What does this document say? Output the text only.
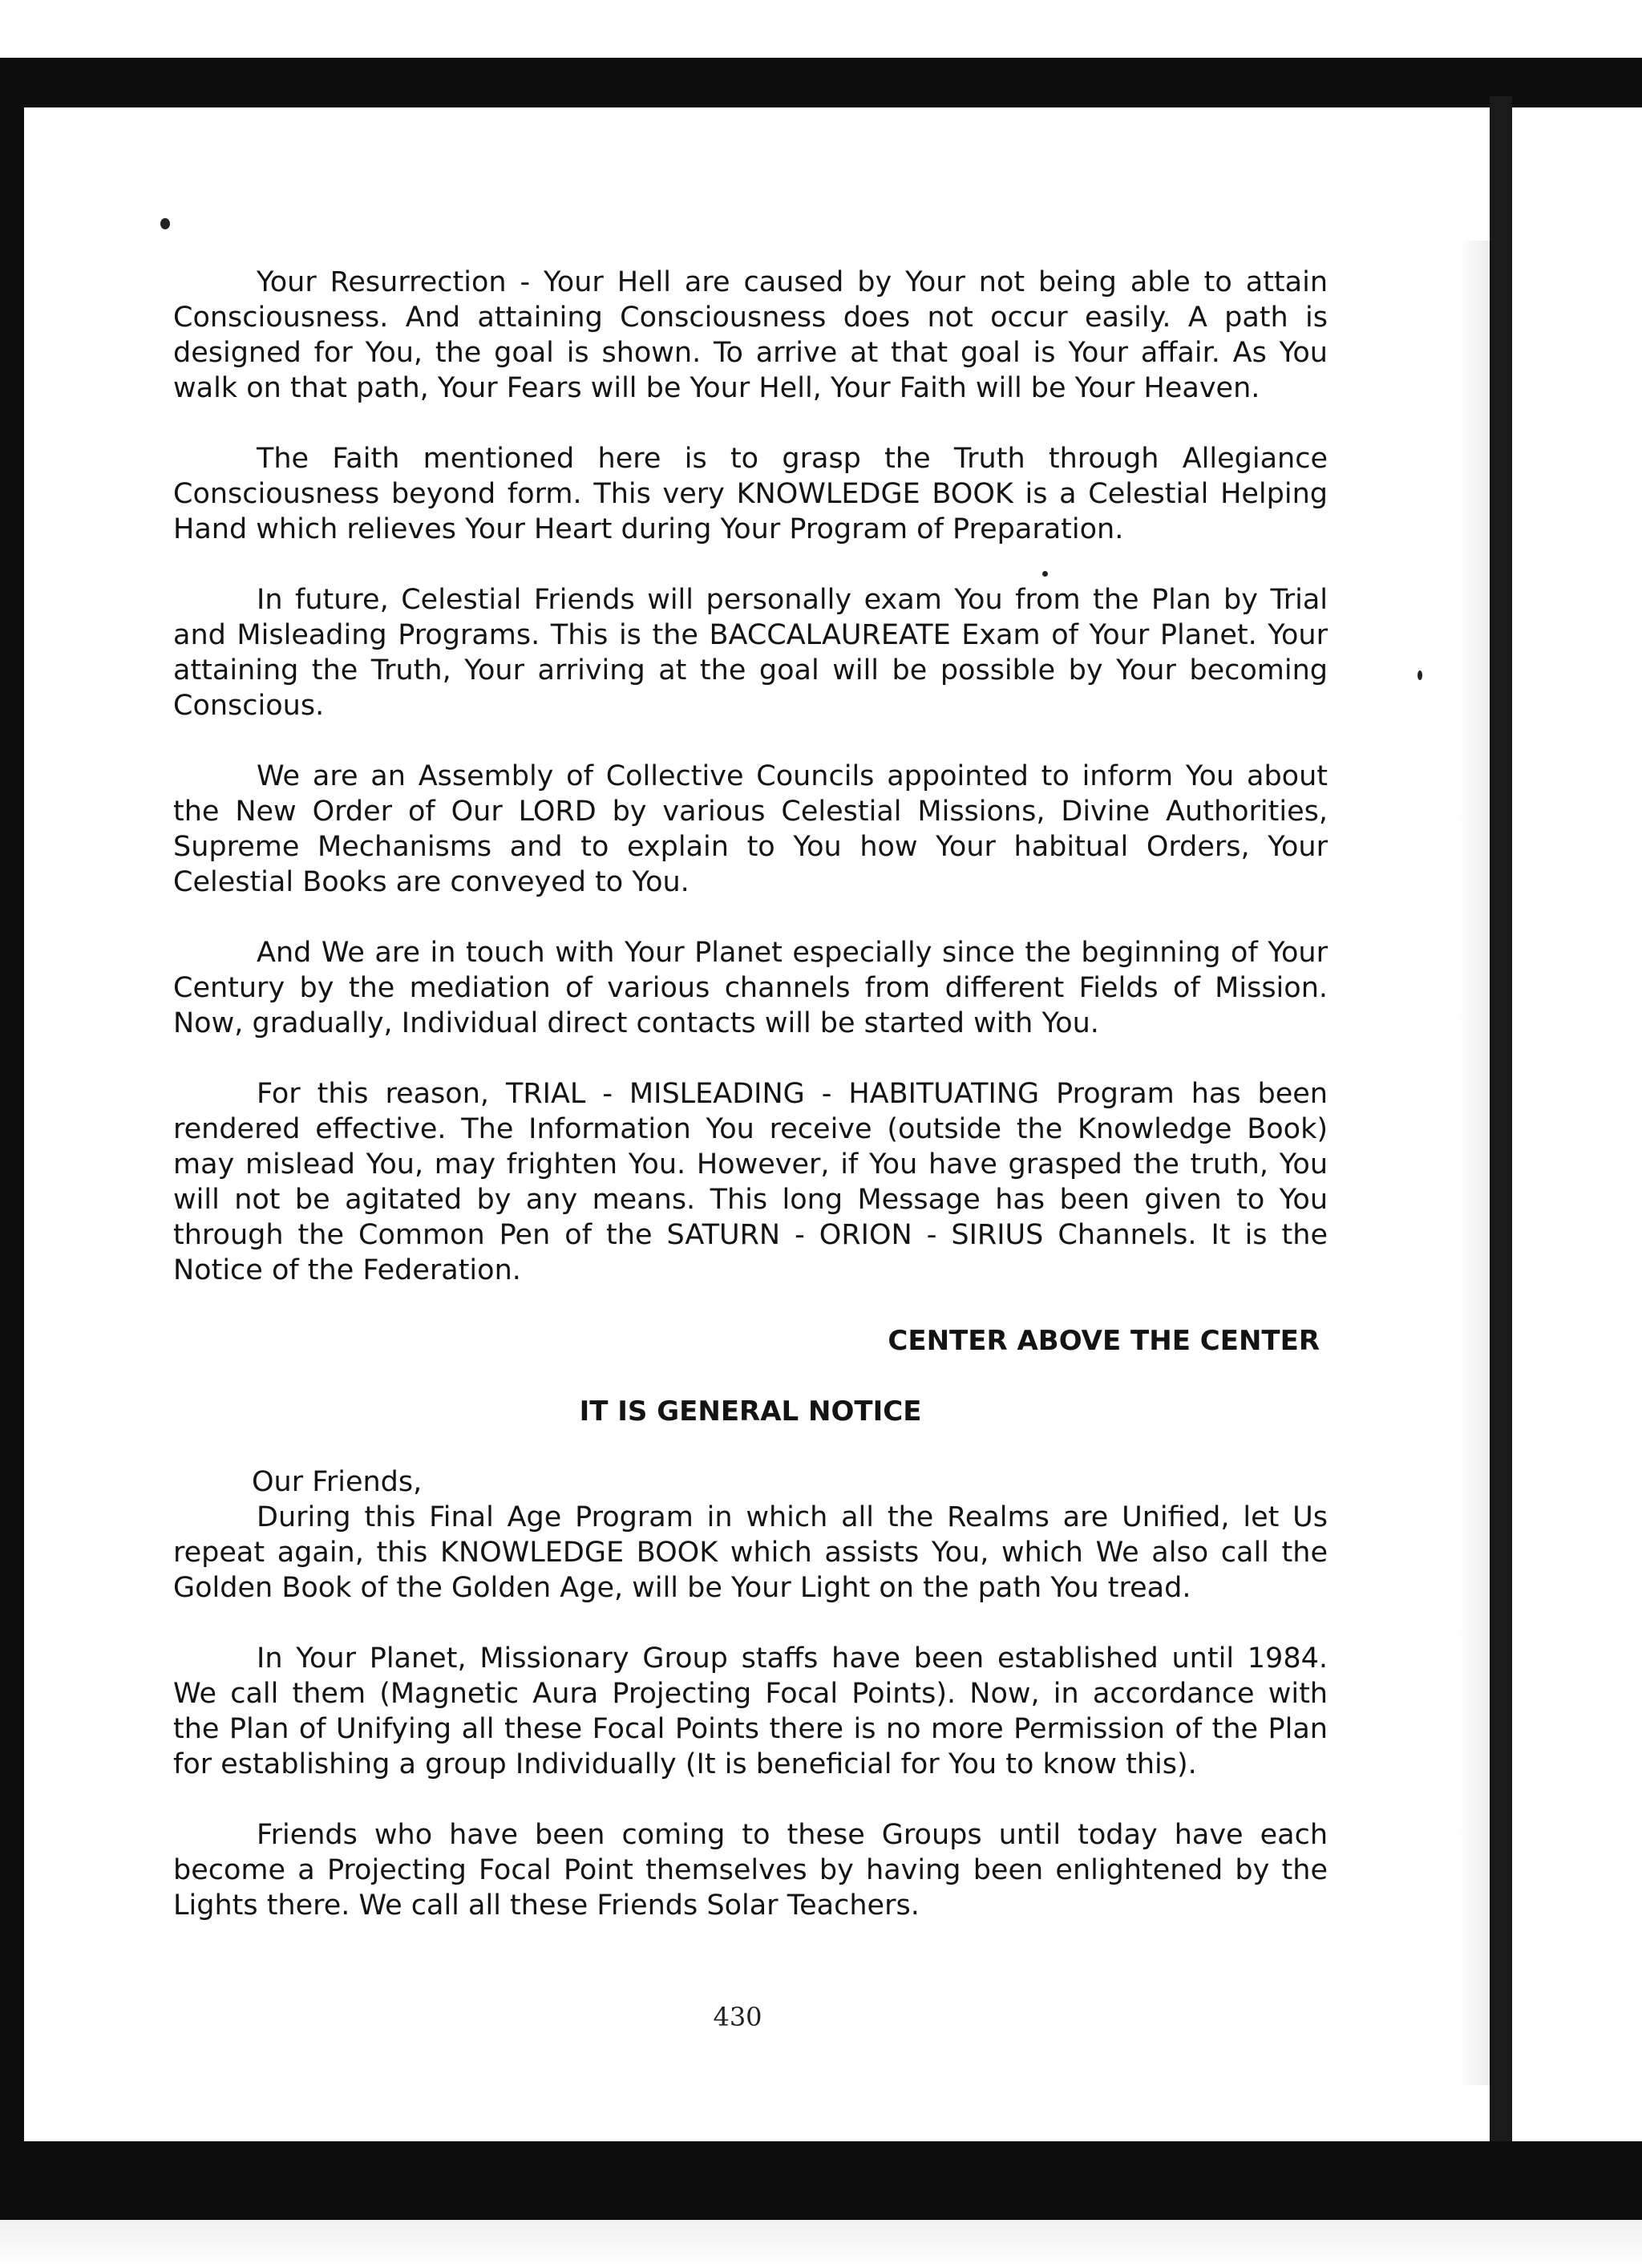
Your Resurrection - Your Hell are caused by Your not being able to attain Consciousness. And attaining Consciousness does not occur easily. A path is designed for You, the goal is shown. To arrive at that goal is Your affair. As You walk on that path, Your Fears will be Your Hell, Your Faith will be Your Heaven.

The Faith mentioned here is to grasp the Truth through Allegiance Consciousness beyond form. This very KNOWLEDGE BOOK is a Celestial Helping Hand which relieves Your Heart during Your Program of Preparation.

In future, Celestial Friends will personally exam You from the Plan by Trial and Misleading Programs. This is the BACCALAUREATE Exam of Your Planet. Your attaining the Truth, Your arriving at the goal will be possible by Your becoming Conscious.

We are an Assembly of Collective Councils appointed to inform You about the New Order of Our LORD by various Celestial Missions, Divine Authorities, Supreme Mechanisms and to explain to You how Your habitual Orders, Your Celestial Books are conveyed to You.

And We are in touch with Your Planet especially since the beginning of Your Century by the mediation of various channels from different Fields of Mission. Now, gradually, Individual direct contacts will be started with You.

For this reason, TRIAL - MISLEADING - HABITUATING Program has been rendered effective. The Information You receive (outside the Knowledge Book) may mislead You, may frighten You. However, if You have grasped the truth, You will not be agitated by any means. This long Message has been given to You through the Common Pen of the SATURN - ORION - SIRIUS Channels. It is the Notice of the Federation.

CENTER ABOVE THE CENTER

IT IS GENERAL NOTICE

Our Friends,

During this Final Age Program in which all the Realms are Unified, let Us repeat again, this KNOWLEDGE BOOK which assists You, which We also call the Golden Book of the Golden Age, will be Your Light on the path You tread.

In Your Planet, Missionary Group staffs have been established until 1984. We call them (Magnetic Aura Projecting Focal Points). Now, in accordance with the Plan of Unifying all these Focal Points there is no more Permission of the Plan for establishing a group Individually (It is beneficial for You to know this).

Friends who have been coming to these Groups until today have each become a Projecting Focal Point themselves by having been enlightened by the Lights there. We call all these Friends Solar Teachers.

430
